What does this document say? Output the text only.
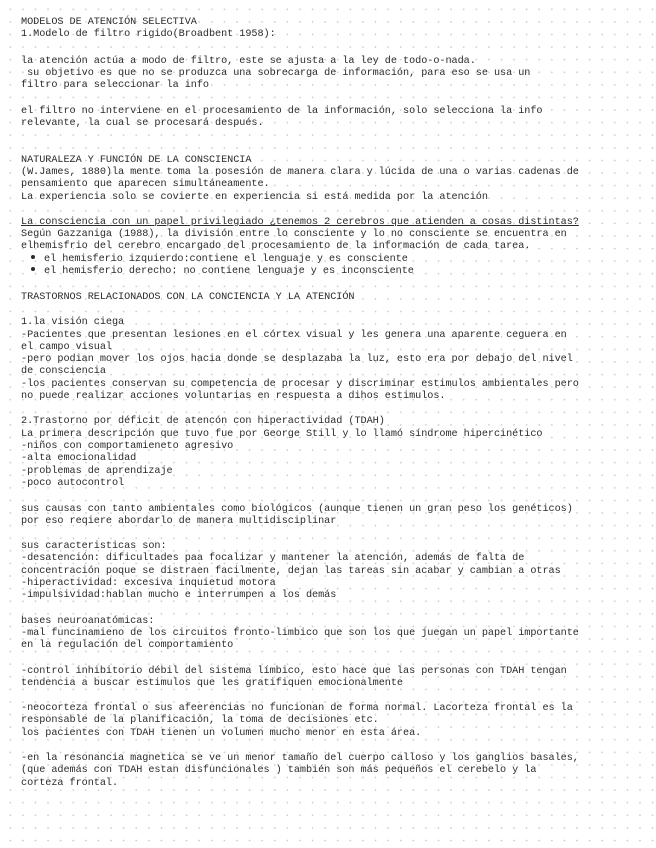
MODELOS DE ATENCIÓN SELECTIVA
1.Modelo de filtro rigido(Broadbent 1958):
la atención actúa a modo de filtro, este se ajusta a la ley de todo-o-nada.
su objetivo es que no se produzca una sobrecarga de información, para eso se usa un
filtro para seleccionar la info
el filtro no interviene en el procesamiento de la información, solo selecciona la info
relevante, la cual se procesará después.
NATURALEZA Y FUNCIÓN DE LA CONSCIENCIA
(W.James, 1880)la mente toma la posesión de manera clara y lúcida de una o varias cadenas de
pensamiento que aparecen simultáneamente.
La experiencia solo se covierte en experiencia si está medida por la atención
La consciencia con un papel privilegiado ¿tenemos 2 cerebros que atienden a cosas distintas?
Según Gazzaniga (1988), la división entre lo consciente y lo no consciente se encuentra en
elhemisfrio del cerebro encargado del procesamiento de la información de cada tarea.
el hemisferio izquierdo:contiene el lenguaje y es consciente
el hemisferio derecho: no contiene lenguaje y es inconsciente
TRASTORNOS RELACIONADOS CON LA CONCIENCIA Y LA ATENCIÓN
1.la visión ciega
-Pacientes que presentan lesiones en el córtex visual y les genera una aparente ceguera en
el campo visual
-pero podian mover los ojos hacia donde se desplazaba la luz, esto era por debajo del nivel
de consciencia
-los pacientes conservan su competencia de procesar y discriminar estimulos ambientales pero
no puede realizar acciones voluntarias en respuesta a dihos estimulos.
2.Trastorno por déficit de atencón con hiperactividad (TDAH)
La primera descripción que tuvo fue por George Still y lo llamó síndrome hipercinético
-niños con comportamieneto agresivo
-alta emocionalidad
-problemas de aprendizaje
-poco autocontrol
sus causas con tanto ambientales como biológicos (aunque tienen un gran peso los genéticos)
por eso reqiere abordarlo de manera multidisciplinar
sus caracteristicas son:
-desatención: dificultades paa focalizar y mantener la atención, además de falta de
concentración poque se distraen facilmente, dejan las tareas sin acabar y cambian a otras
-hiperactividad: excesiva inquietud motora
-impulsividad:hablan mucho e interrumpen a los demás
bases neuroanatómicas:
-mal funcinamieno de los circuitos fronto-limbico que son los que juegan un papel importante
en la regulación del comportamiento
-control inhibitorio débil del sistema límbico, esto hace que las personas con TDAH tengan
tendencia a buscar estimulos que les gratifiquen emocionalmente
-neocorteza frontal o sus afeerencias no funcionan de forma normal. Lacorteza frontal es la
responsable de la planificación, la toma de decisiones etc.
los pacientes con TDAH tienen un volumen mucho menor en esta área.
-en la resonancia magnetica se ve un menor tamaño del cuerpo calloso y los ganglios basales,
(que además con TDAH estan disfuncionales ) también son más pequeños el cerebelo y la
corteza frontal.
